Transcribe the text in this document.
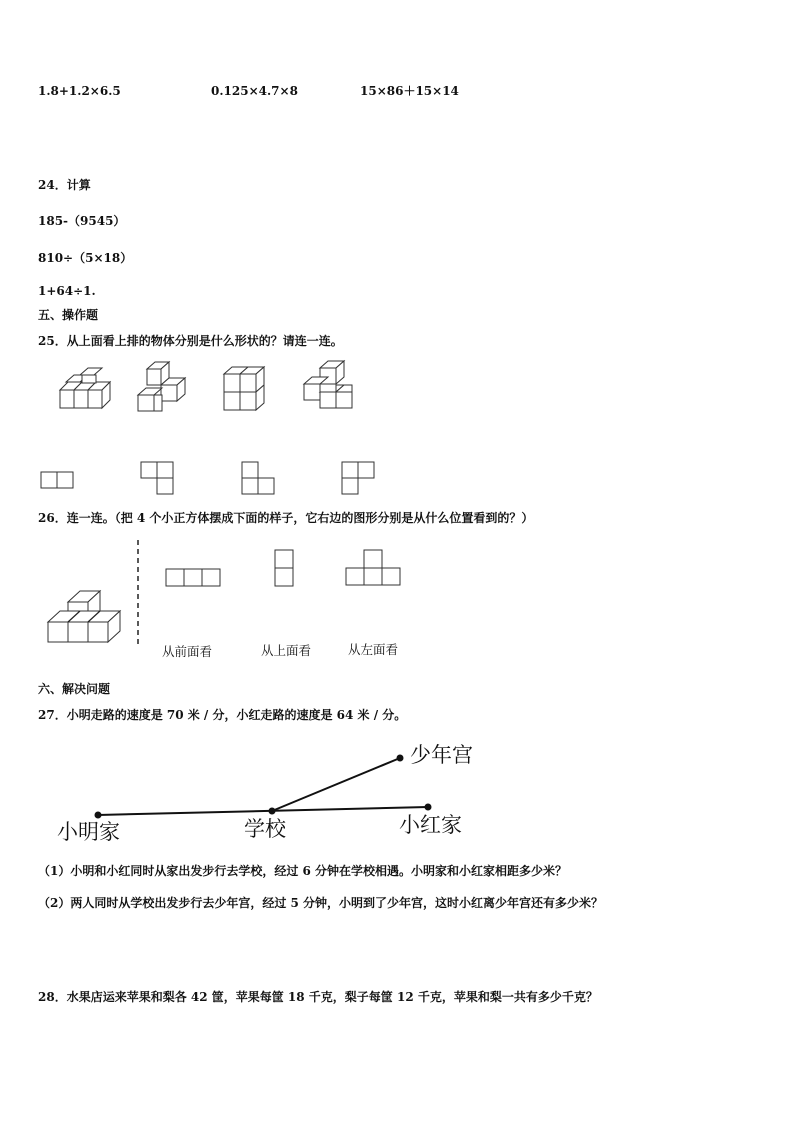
1.8+1.2×6.5	0.125×4.7×8	15×86＋15×14
24．计算
185-（9545）
810÷（5×18）
1+64÷1.
五、操作题
25．从上面看上排的物体分别是什么形状的？请连一连。
26．连一连。（把 4 个小正方体摆成下面的样子，它右边的图形分别是从什么位置看到的？）
从前面看	从上面看	从左面看
六、解决问题
27．小明走路的速度是 70 米 / 分，小红走路的速度是 64 米 / 分。
少年宫
小明家	学校	小红家
（1）小明和小红同时从家出发步行去学校，经过 6 分钟在学校相遇。小明家和小红家相距多少米？
（2）两人同时从学校出发步行去少年宫，经过 5 分钟，小明到了少年宫，这时小红离少年宫还有多少米？
28．水果店运来苹果和梨各 42 筐，苹果每筐 18 千克，梨子每筐 12 千克，苹果和梨一共有多少千克？
